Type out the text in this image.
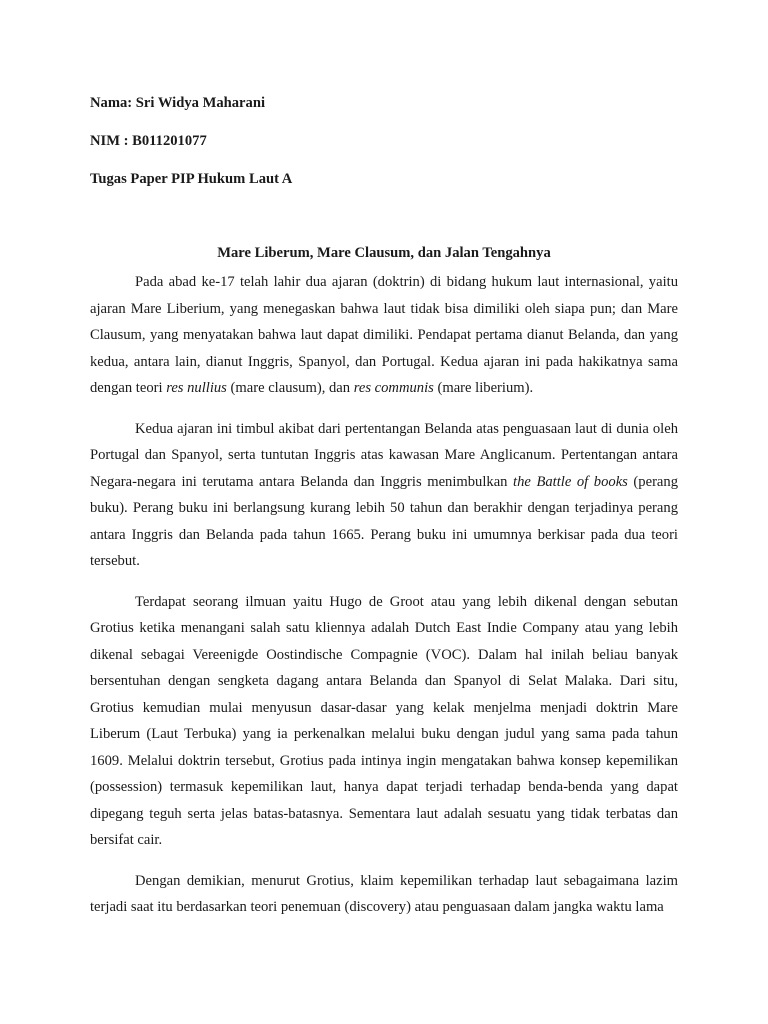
Nama: Sri Widya Maharani

NIM : B011201077

Tugas Paper PIP Hukum Laut A

Mare Liberum, Mare Clausum, dan Jalan Tengahnya

Pada abad ke-17 telah lahir dua ajaran (doktrin) di bidang hukum laut internasional, yaitu ajaran Mare Liberium, yang menegaskan bahwa laut tidak bisa dimiliki oleh siapa pun; dan Mare Clausum, yang menyatakan bahwa laut dapat dimiliki. Pendapat pertama dianut Belanda, dan yang kedua, antara lain, dianut Inggris, Spanyol, dan Portugal. Kedua ajaran ini pada hakikatnya sama dengan teori res nullius (mare clausum), dan res communis (mare liberium).

Kedua ajaran ini timbul akibat dari pertentangan Belanda atas penguasaan laut di dunia oleh Portugal dan Spanyol, serta tuntutan Inggris atas kawasan Mare Anglicanum. Pertentangan antara Negara-negara ini terutama antara Belanda dan Inggris menimbulkan the Battle of books (perang buku). Perang buku ini berlangsung kurang lebih 50 tahun dan berakhir dengan terjadinya perang antara Inggris dan Belanda pada tahun 1665. Perang buku ini umumnya berkisar pada dua teori tersebut.

Terdapat seorang ilmuan yaitu Hugo de Groot atau yang lebih dikenal dengan sebutan Grotius ketika menangani salah satu kliennya adalah Dutch East Indie Company atau yang lebih dikenal sebagai Vereenigde Oostindische Compagnie (VOC). Dalam hal inilah beliau banyak bersentuhan dengan sengketa dagang antara Belanda dan Spanyol di Selat Malaka. Dari situ, Grotius kemudian mulai menyusun dasar-dasar yang kelak menjelma menjadi doktrin Mare Liberum (Laut Terbuka) yang ia perkenalkan melalui buku dengan judul yang sama pada tahun 1609. Melalui doktrin tersebut, Grotius pada intinya ingin mengatakan bahwa konsep kepemilikan (possession) termasuk kepemilikan laut, hanya dapat terjadi terhadap benda-benda yang dapat dipegang teguh serta jelas batas-batasnya. Sementara laut adalah sesuatu yang tidak terbatas dan bersifat cair.

Dengan demikian, menurut Grotius, klaim kepemilikan terhadap laut sebagaimana lazim terjadi saat itu berdasarkan teori penemuan (discovery) atau penguasaan dalam jangka waktu lama
